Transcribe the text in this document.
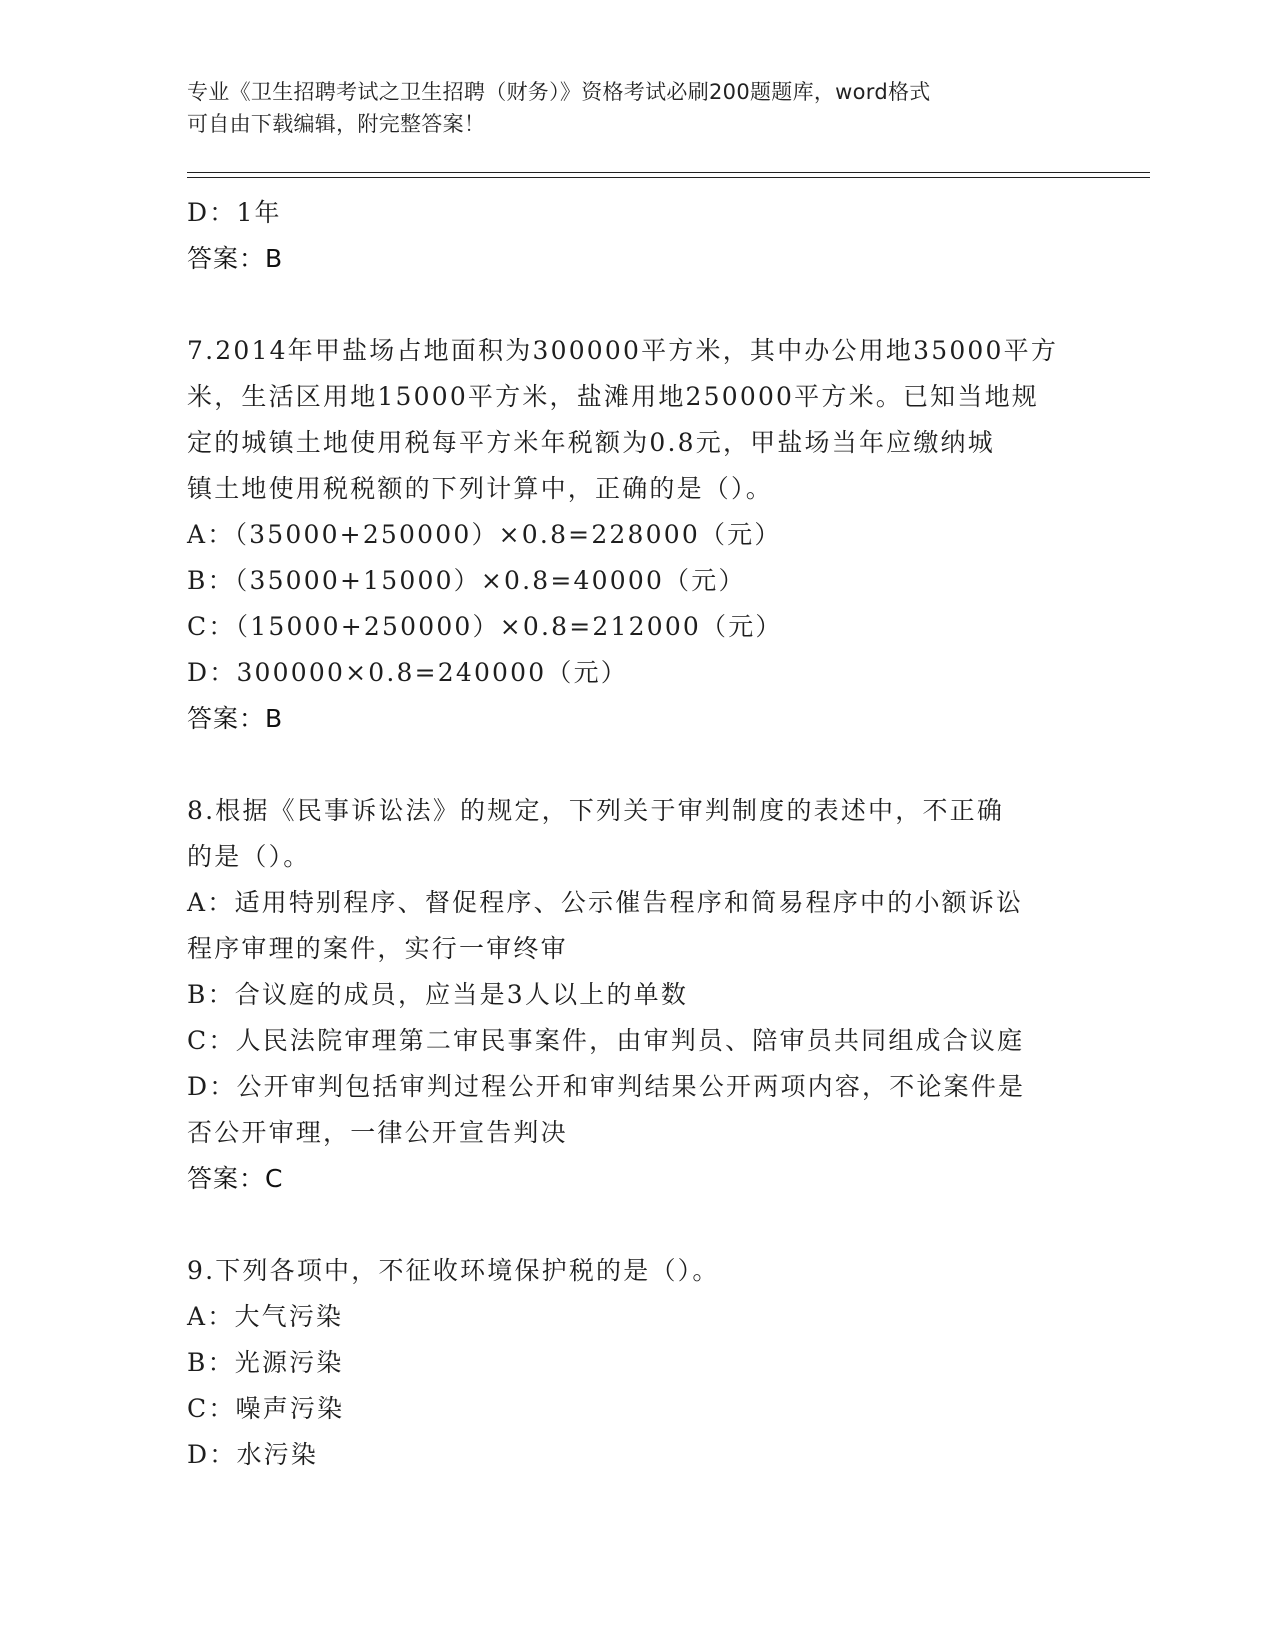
专业《卫生招聘考试之卫生招聘（财务）》资格考试必刷200题题库，word格式

可自由下载编辑，附完整答案！

D：1年
答案：B
7.2014年甲盐场占地面积为300000平方米，其中办公用地35000平方
米，生活区用地15000平方米，盐滩用地250000平方米。已知当地规
定的城镇土地使用税每平方米年税额为0.8元，甲盐场当年应缴纳城
镇土地使用税税额的下列计算中，正确的是（）。
A：（35000+250000）×0.8=228000（元）
B：（35000+15000）×0.8=40000（元）
C：（15000+250000）×0.8=212000（元）
D：300000×0.8=240000（元）
答案：B
8.根据《民事诉讼法》的规定，下列关于审判制度的表述中，不正确
的是（）。
A：适用特别程序、督促程序、公示催告程序和简易程序中的小额诉讼
程序审理的案件，实行一审终审
B：合议庭的成员，应当是3人以上的单数
C：人民法院审理第二审民事案件，由审判员、陪审员共同组成合议庭
D：公开审判包括审判过程公开和审判结果公开两项内容，不论案件是
否公开审理，一律公开宣告判决
答案：C
9.下列各项中，不征收环境保护税的是（）。
A：大气污染
B：光源污染
C：噪声污染
D：水污染
